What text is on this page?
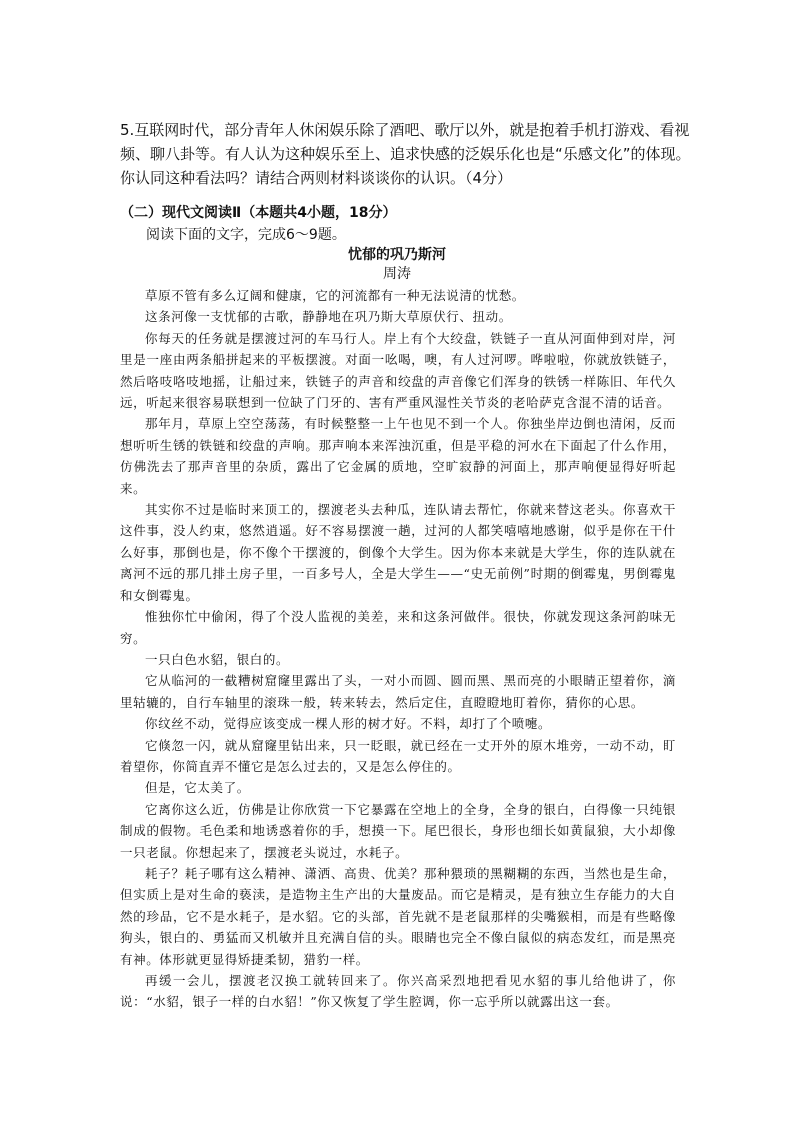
5.互联网时代，部分青年人休闲娱乐除了酒吧、歌厅以外，就是抱着手机打游戏、看视频、聊八卦等。有人认为这种娱乐至上、追求快感的泛娱乐化也是“乐感文化”的体现。你认同这种看法吗？请结合两则材料谈谈你的认识。（4分）
（二）现代文阅读Ⅱ（本题共4小题，18分）
阅读下面的文字，完成6～9题。
忧郁的巩乃斯河
周涛

草原不管有多么辽阔和健康，它的河流都有一种无法说清的忧愁。

这条河像一支忧郁的古歌，静静地在巩乃斯大草原伏行、扭动。

你每天的任务就是摆渡过河的车马行人。岸上有个大绞盘，铁链子一直从河面伸到对岸，河里是一座由两条船拼起来的平板摆渡。对面一吆喝，噢，有人过河啰。哗啦啦，你就放铁链子，然后咯吱咯吱地摇，让船过来，铁链子的声音和绞盘的声音像它们浑身的铁锈一样陈旧、年代久远，听起来很容易联想到一位缺了门牙的、害有严重风湿性关节炎的老哈萨克含混不清的话音。

那年月，草原上空空荡荡，有时候整整一上午也见不到一个人。你独坐岸边倒也清闲，反而想听听生锈的铁链和绞盘的声响。那声响本来浑浊沉重，但是平稳的河水在下面起了什么作用，仿佛洗去了那声音里的杂质，露出了它金属的质地，空旷寂静的河面上，那声响便显得好听起来。

其实你不过是临时来顶工的，摆渡老头去种瓜，连队请去帮忙，你就来替这老头。你喜欢干这件事，没人约束，悠然逍遥。好不容易摆渡一趟，过河的人都笑嘻嘻地感谢，似乎是你在干什么好事，那倒也是，你不像个干摆渡的，倒像个大学生。因为你本来就是大学生，你的连队就在离河不远的那几排土房子里，一百多号人，全是大学生——“史无前例”时期的倒霉鬼，男倒霉鬼和女倒霉鬼。

惟独你忙中偷闲，得了个没人监视的美差，来和这条河做伴。很快，你就发现这条河韵味无穷。

一只白色水貂，银白的。

它从临河的一截糟树窟窿里露出了头，一对小而圆、圆而黑、黑而亮的小眼睛正望着你，滴里轱辘的，自行车轴里的滚珠一般，转来转去，然后定住，直瞪瞪地盯着你，猜你的心思。

你纹丝不动，觉得应该变成一棵人形的树才好。不料，却打了个喷嚏。

它倏忽一闪，就从窟窿里钻出来，只一眨眼，就已经在一丈开外的原木堆旁，一动不动，盯着望你，你简直弄不懂它是怎么过去的，又是怎么停住的。

但是，它太美了。

它离你这么近，仿佛是让你欣赏一下它暴露在空地上的全身，全身的银白，白得像一只纯银制成的假物。毛色柔和地诱惑着你的手，想摸一下。尾巴很长，身形也细长如黄鼠狼，大小却像一只老鼠。你想起来了，摆渡老头说过，水耗子。

耗子？耗子哪有这么精神、潇洒、高贵、优美？那种猥琐的黑糊糊的东西，当然也是生命，但实质上是对生命的亵渎，是造物主生产出的大量废品。而它是精灵，是有独立生存能力的大自然的珍品，它不是水耗子，是水貂。它的头部，首先就不是老鼠那样的尖嘴猴相，而是有些略像狗头，银白的、勇猛而又机敏并且充满自信的头。眼睛也完全不像白鼠似的病态发红，而是黑亮有神。体形就更显得矫捷柔韧，猎豹一样。

再缓一会儿，摆渡老汉换工就转回来了。你兴高采烈地把看见水貂的事儿给他讲了，你说：“水貂，银子一样的白水貂！”你又恢复了学生腔调，你一忘乎所以就露出这一套。
